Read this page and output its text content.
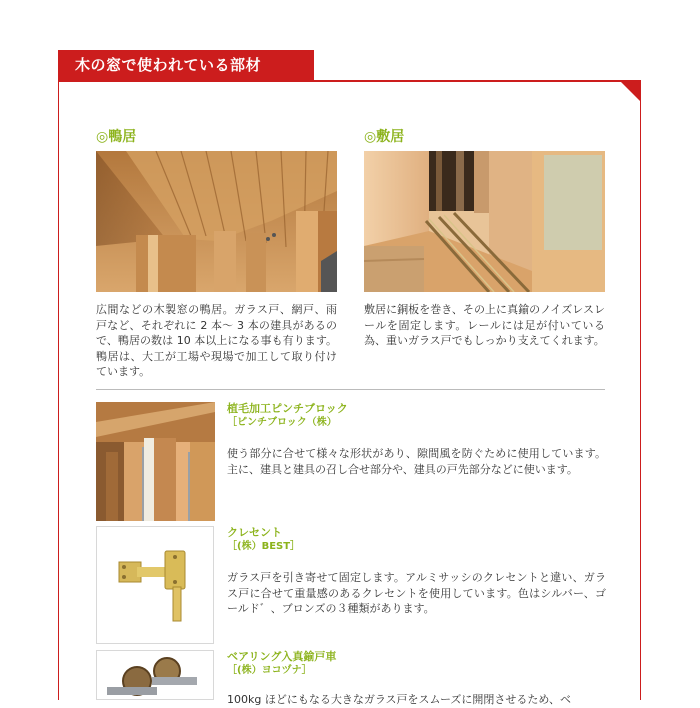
木の窓で使われている部材
◎鴨居
広間などの木製窓の鴨居。ガラス戸、網戸、雨戸など、それぞれに 2 本～ 3 本の建具があるので、鴨居の数は 10 本以上になる事も有ります。鴨居は、大工が工場や現場で加工して取り付けています。
◎敷居
敷居に銅板を巻き、その上に真鍮のノイズレスレールを固定します。レールには足が付いている為、重いガラス戸でもしっかり支えてくれます。
植毛加工ピンチブロック
［ピンチブロック（株）
使う部分に合せて様々な形状があり、隙間風を防ぐために使用しています。主に、建具と建具の召し合せ部分や、建具の戸先部分などに使います。
クレセント
［(株）BEST］
ガラス戸を引き寄せて固定します。アルミサッシのクレセントと違い、ガラス戸に合せて重量感のあるクレセントを使用しています。色はシルバー、ゴールド゛、ブロンズの３種類があります。
ベアリング入真鍮戸車
［(株）ヨコヅナ］
100kg ほどにもなる大きなガラス戸をスムーズに開閉させるため、ベ
